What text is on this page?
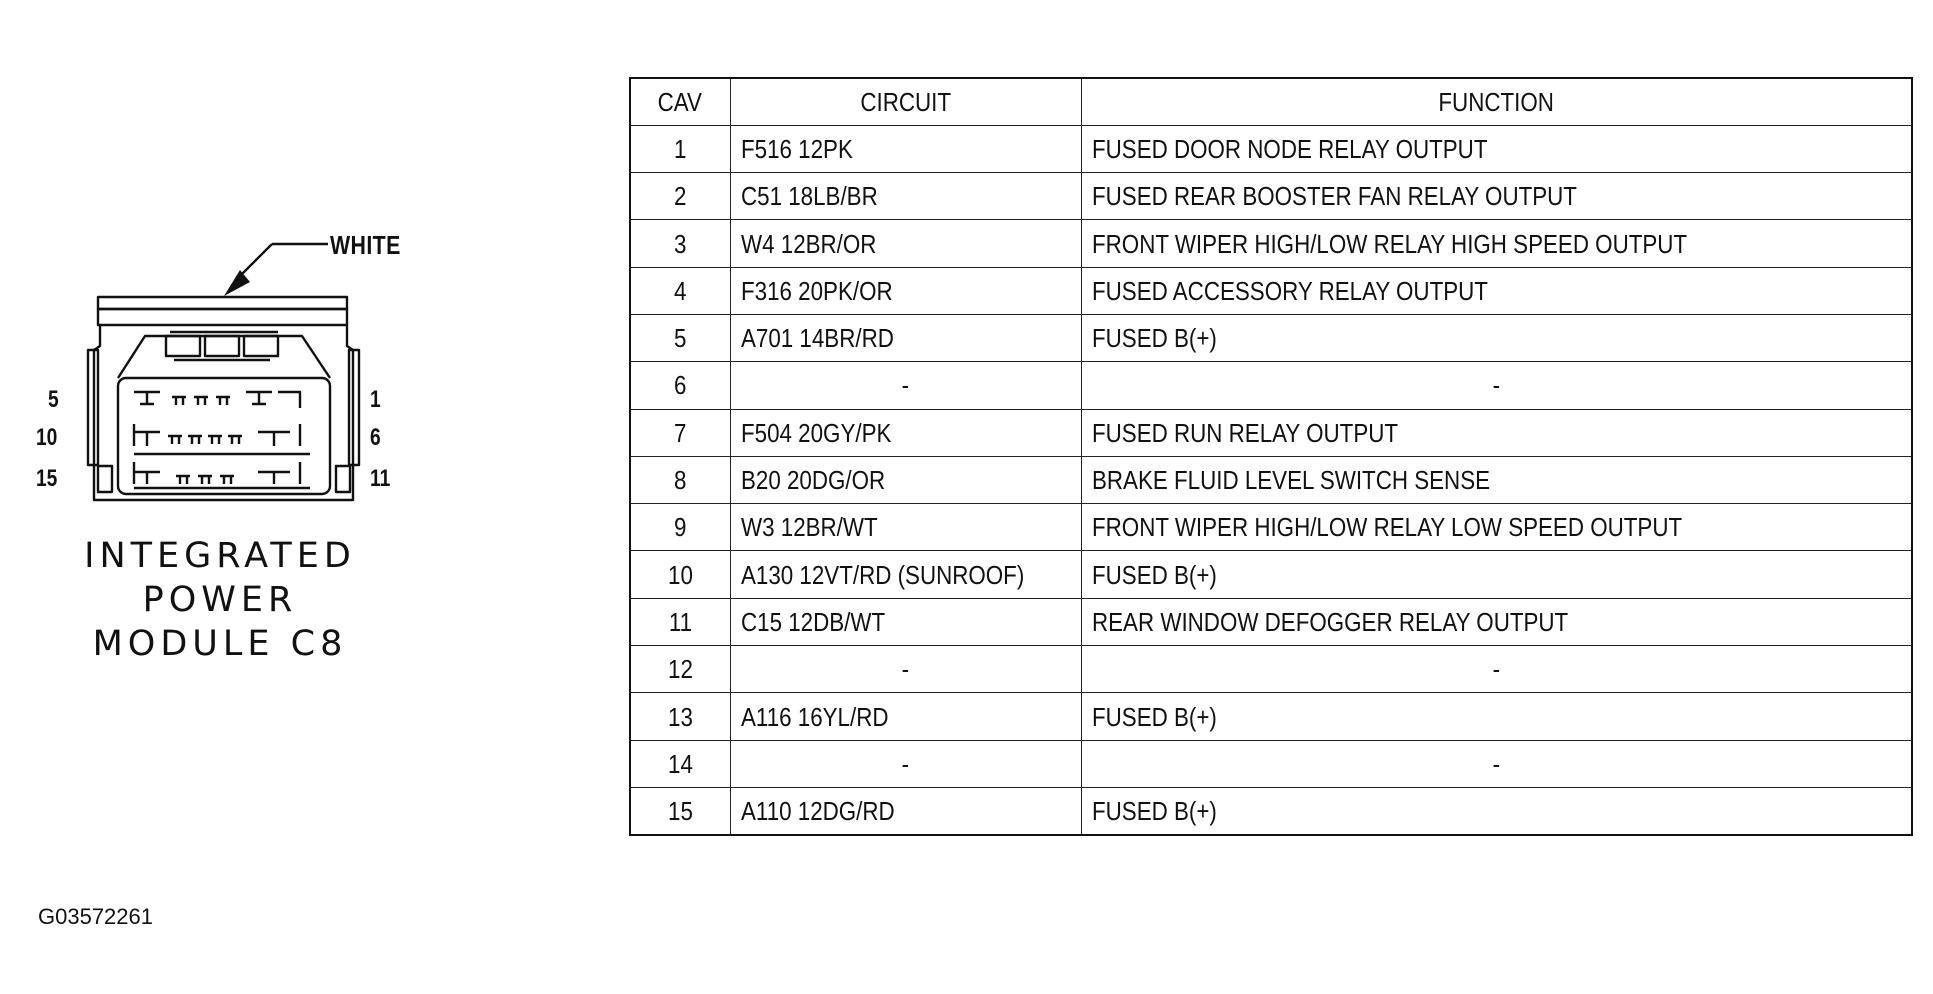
5
10
15
1
6
11
WHITE
INTEGRATED
POWER
MODULE C8
G03572261
CAV	CIRCUIT	FUNCTION
1	F516 12PK	FUSED DOOR NODE RELAY OUTPUT
2	C51 18LB/BR	FUSED REAR BOOSTER FAN RELAY OUTPUT
3	W4 12BR/OR	FRONT WIPER HIGH/LOW RELAY HIGH SPEED OUTPUT
4	F316 20PK/OR	FUSED ACCESSORY RELAY OUTPUT
5	A701 14BR/RD	FUSED B(+)
6	-	-
7	F504 20GY/PK	FUSED RUN RELAY OUTPUT
8	B20 20DG/OR	BRAKE FLUID LEVEL SWITCH SENSE
9	W3 12BR/WT	FRONT WIPER HIGH/LOW RELAY LOW SPEED OUTPUT
10	A130 12VT/RD (SUNROOF)	FUSED B(+)
11	C15 12DB/WT	REAR WINDOW DEFOGGER RELAY OUTPUT
12	-	-
13	A116 16YL/RD	FUSED B(+)
14	-	-
15	A110 12DG/RD	FUSED B(+)
